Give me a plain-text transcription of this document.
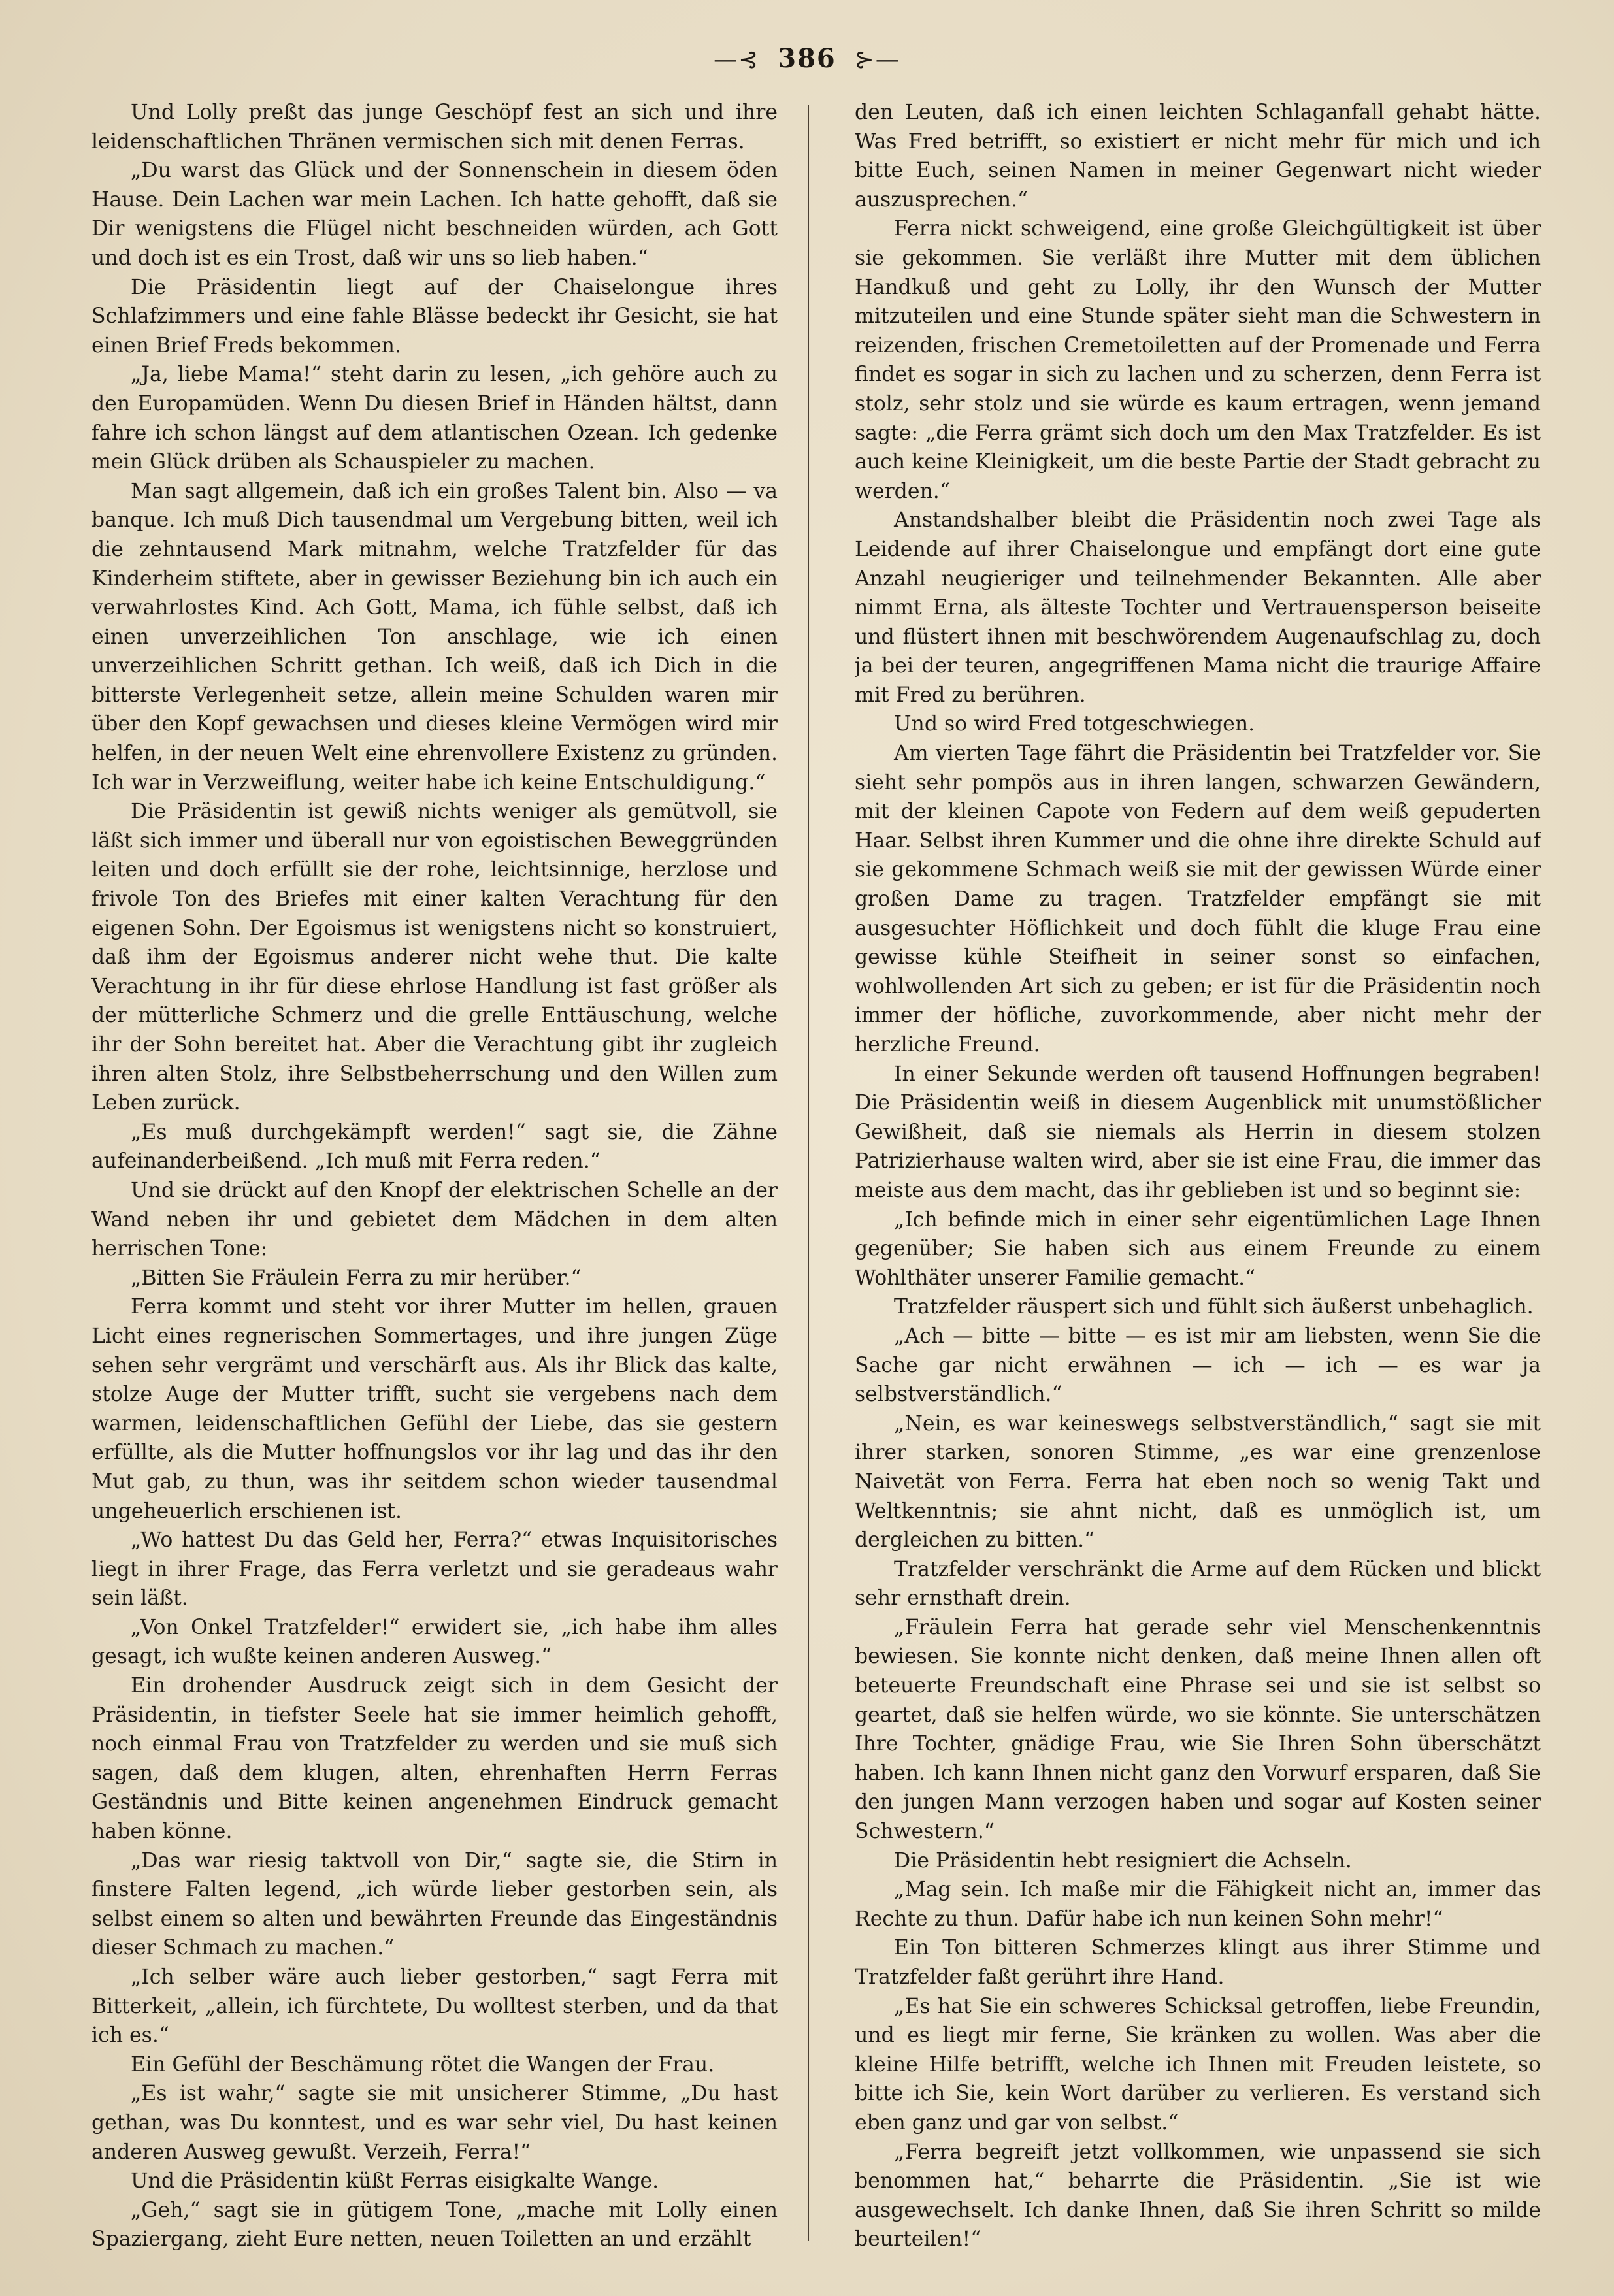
—⊰ 386 ⊱—

Und Lolly preßt das junge Geschöpf fest an sich und ihre leidenschaftlichen Thränen vermischen sich mit denen Ferras.

„Du warst das Glück und der Sonnenschein in diesem öden Hause. Dein Lachen war mein Lachen. Ich hatte gehofft, daß sie Dir wenigstens die Flügel nicht beschneiden würden, ach Gott und doch ist es ein Trost, daß wir uns so lieb haben.“

Die Präsidentin liegt auf der Chaiselongue ihres Schlafzimmers und eine fahle Blässe bedeckt ihr Gesicht, sie hat einen Brief Freds bekommen.

„Ja, liebe Mama!“ steht darin zu lesen, „ich gehöre auch zu den Europamüden. Wenn Du diesen Brief in Händen hältst, dann fahre ich schon längst auf dem atlantischen Ozean. Ich gedenke mein Glück drüben als Schauspieler zu machen.

Man sagt allgemein, daß ich ein großes Talent bin. Also — va banque. Ich muß Dich tausendmal um Vergebung bitten, weil ich die zehntausend Mark mitnahm, welche Tratzfelder für das Kinderheim stiftete, aber in gewisser Beziehung bin ich auch ein verwahrlostes Kind. Ach Gott, Mama, ich fühle selbst, daß ich einen unverzeihlichen Ton anschlage, wie ich einen unverzeihlichen Schritt gethan. Ich weiß, daß ich Dich in die bitterste Verlegenheit setze, allein meine Schulden waren mir über den Kopf gewachsen und dieses kleine Vermögen wird mir helfen, in der neuen Welt eine ehrenvollere Existenz zu gründen. Ich war in Verzweiflung, weiter habe ich keine Entschuldigung.“

Die Präsidentin ist gewiß nichts weniger als gemütvoll, sie läßt sich immer und überall nur von egoistischen Beweggründen leiten und doch erfüllt sie der rohe, leichtsinnige, herzlose und frivole Ton des Briefes mit einer kalten Verachtung für den eigenen Sohn. Der Egoismus ist wenigstens nicht so konstruiert, daß ihm der Egoismus anderer nicht wehe thut. Die kalte Verachtung in ihr für diese ehrlose Handlung ist fast größer als der mütterliche Schmerz und die grelle Enttäuschung, welche ihr der Sohn bereitet hat. Aber die Verachtung gibt ihr zugleich ihren alten Stolz, ihre Selbstbeherrschung und den Willen zum Leben zurück.

„Es muß durchgekämpft werden!“ sagt sie, die Zähne aufeinanderbeißend. „Ich muß mit Ferra reden.“

Und sie drückt auf den Knopf der elektrischen Schelle an der Wand neben ihr und gebietet dem Mädchen in dem alten herrischen Tone:

„Bitten Sie Fräulein Ferra zu mir herüber.“

Ferra kommt und steht vor ihrer Mutter im hellen, grauen Licht eines regnerischen Sommertages, und ihre jungen Züge sehen sehr vergrämt und verschärft aus. Als ihr Blick das kalte, stolze Auge der Mutter trifft, sucht sie vergebens nach dem warmen, leidenschaftlichen Gefühl der Liebe, das sie gestern erfüllte, als die Mutter hoffnungslos vor ihr lag und das ihr den Mut gab, zu thun, was ihr seitdem schon wieder tausendmal ungeheuerlich erschienen ist.

„Wo hattest Du das Geld her, Ferra?“ etwas Inquisitorisches liegt in ihrer Frage, das Ferra verletzt und sie geradeaus wahr sein läßt.

„Von Onkel Tratzfelder!“ erwidert sie, „ich habe ihm alles gesagt, ich wußte keinen anderen Ausweg.“

Ein drohender Ausdruck zeigt sich in dem Gesicht der Präsidentin, in tiefster Seele hat sie immer heimlich gehofft, noch einmal Frau von Tratzfelder zu werden und sie muß sich sagen, daß dem klugen, alten, ehrenhaften Herrn Ferras Geständnis und Bitte keinen angenehmen Eindruck gemacht haben könne.

„Das war riesig taktvoll von Dir,“ sagte sie, die Stirn in finstere Falten legend, „ich würde lieber gestorben sein, als selbst einem so alten und bewährten Freunde das Eingeständnis dieser Schmach zu machen.“

„Ich selber wäre auch lieber gestorben,“ sagt Ferra mit Bitterkeit, „allein, ich fürchtete, Du wolltest sterben, und da that ich es.“

Ein Gefühl der Beschämung rötet die Wangen der Frau.

„Es ist wahr,“ sagte sie mit unsicherer Stimme, „Du hast gethan, was Du konntest, und es war sehr viel, Du hast keinen anderen Ausweg gewußt. Verzeih, Ferra!“

Und die Präsidentin küßt Ferras eisigkalte Wange.

„Geh,“ sagt sie in gütigem Tone, „mache mit Lolly einen Spaziergang, zieht Eure netten, neuen Toiletten an und erzählt

den Leuten, daß ich einen leichten Schlaganfall gehabt hätte. Was Fred betrifft, so existiert er nicht mehr für mich und ich bitte Euch, seinen Namen in meiner Gegenwart nicht wieder auszusprechen.“

Ferra nickt schweigend, eine große Gleichgültigkeit ist über sie gekommen. Sie verläßt ihre Mutter mit dem üblichen Handkuß und geht zu Lolly, ihr den Wunsch der Mutter mitzuteilen und eine Stunde später sieht man die Schwestern in reizenden, frischen Cremetoiletten auf der Promenade und Ferra findet es sogar in sich zu lachen und zu scherzen, denn Ferra ist stolz, sehr stolz und sie würde es kaum ertragen, wenn jemand sagte: „die Ferra grämt sich doch um den Max Tratzfelder. Es ist auch keine Kleinigkeit, um die beste Partie der Stadt gebracht zu werden.“

Anstandshalber bleibt die Präsidentin noch zwei Tage als Leidende auf ihrer Chaiselongue und empfängt dort eine gute Anzahl neugieriger und teilnehmender Bekannten. Alle aber nimmt Erna, als älteste Tochter und Vertrauensperson beiseite und flüstert ihnen mit beschwörendem Augenaufschlag zu, doch ja bei der teuren, angegriffenen Mama nicht die traurige Affaire mit Fred zu berühren.

Und so wird Fred totgeschwiegen.

Am vierten Tage fährt die Präsidentin bei Tratzfelder vor. Sie sieht sehr pompös aus in ihren langen, schwarzen Gewändern, mit der kleinen Capote von Federn auf dem weiß gepuderten Haar. Selbst ihren Kummer und die ohne ihre direkte Schuld auf sie gekommene Schmach weiß sie mit der gewissen Würde einer großen Dame zu tragen. Tratzfelder empfängt sie mit ausgesuchter Höflichkeit und doch fühlt die kluge Frau eine gewisse kühle Steifheit in seiner sonst so einfachen, wohlwollenden Art sich zu geben; er ist für die Präsidentin noch immer der höfliche, zuvorkommende, aber nicht mehr der herzliche Freund.

In einer Sekunde werden oft tausend Hoffnungen begraben! Die Präsidentin weiß in diesem Augenblick mit unumstößlicher Gewißheit, daß sie niemals als Herrin in diesem stolzen Patrizierhause walten wird, aber sie ist eine Frau, die immer das meiste aus dem macht, das ihr geblieben ist und so beginnt sie:

„Ich befinde mich in einer sehr eigentümlichen Lage Ihnen gegenüber; Sie haben sich aus einem Freunde zu einem Wohlthäter unserer Familie gemacht.“

Tratzfelder räuspert sich und fühlt sich äußerst unbehaglich.

„Ach — bitte — bitte — es ist mir am liebsten, wenn Sie die Sache gar nicht erwähnen — ich — ich — es war ja selbstverständlich.“

„Nein, es war keineswegs selbstverständlich,“ sagt sie mit ihrer starken, sonoren Stimme, „es war eine grenzenlose Naivetät von Ferra. Ferra hat eben noch so wenig Takt und Weltkenntnis; sie ahnt nicht, daß es unmöglich ist, um dergleichen zu bitten.“

Tratzfelder verschränkt die Arme auf dem Rücken und blickt sehr ernsthaft drein.

„Fräulein Ferra hat gerade sehr viel Menschenkenntnis bewiesen. Sie konnte nicht denken, daß meine Ihnen allen oft beteuerte Freundschaft eine Phrase sei und sie ist selbst so geartet, daß sie helfen würde, wo sie könnte. Sie unterschätzen Ihre Tochter, gnädige Frau, wie Sie Ihren Sohn überschätzt haben. Ich kann Ihnen nicht ganz den Vorwurf ersparen, daß Sie den jungen Mann verzogen haben und sogar auf Kosten seiner Schwestern.“

Die Präsidentin hebt resigniert die Achseln.

„Mag sein. Ich maße mir die Fähigkeit nicht an, immer das Rechte zu thun. Dafür habe ich nun keinen Sohn mehr!“

Ein Ton bitteren Schmerzes klingt aus ihrer Stimme und Tratzfelder faßt gerührt ihre Hand.

„Es hat Sie ein schweres Schicksal getroffen, liebe Freundin, und es liegt mir ferne, Sie kränken zu wollen. Was aber die kleine Hilfe betrifft, welche ich Ihnen mit Freuden leistete, so bitte ich Sie, kein Wort darüber zu verlieren. Es verstand sich eben ganz und gar von selbst.“

„Ferra begreift jetzt vollkommen, wie unpassend sie sich benommen hat,“ beharrte die Präsidentin. „Sie ist wie ausgewechselt. Ich danke Ihnen, daß Sie ihren Schritt so milde beurteilen!“
